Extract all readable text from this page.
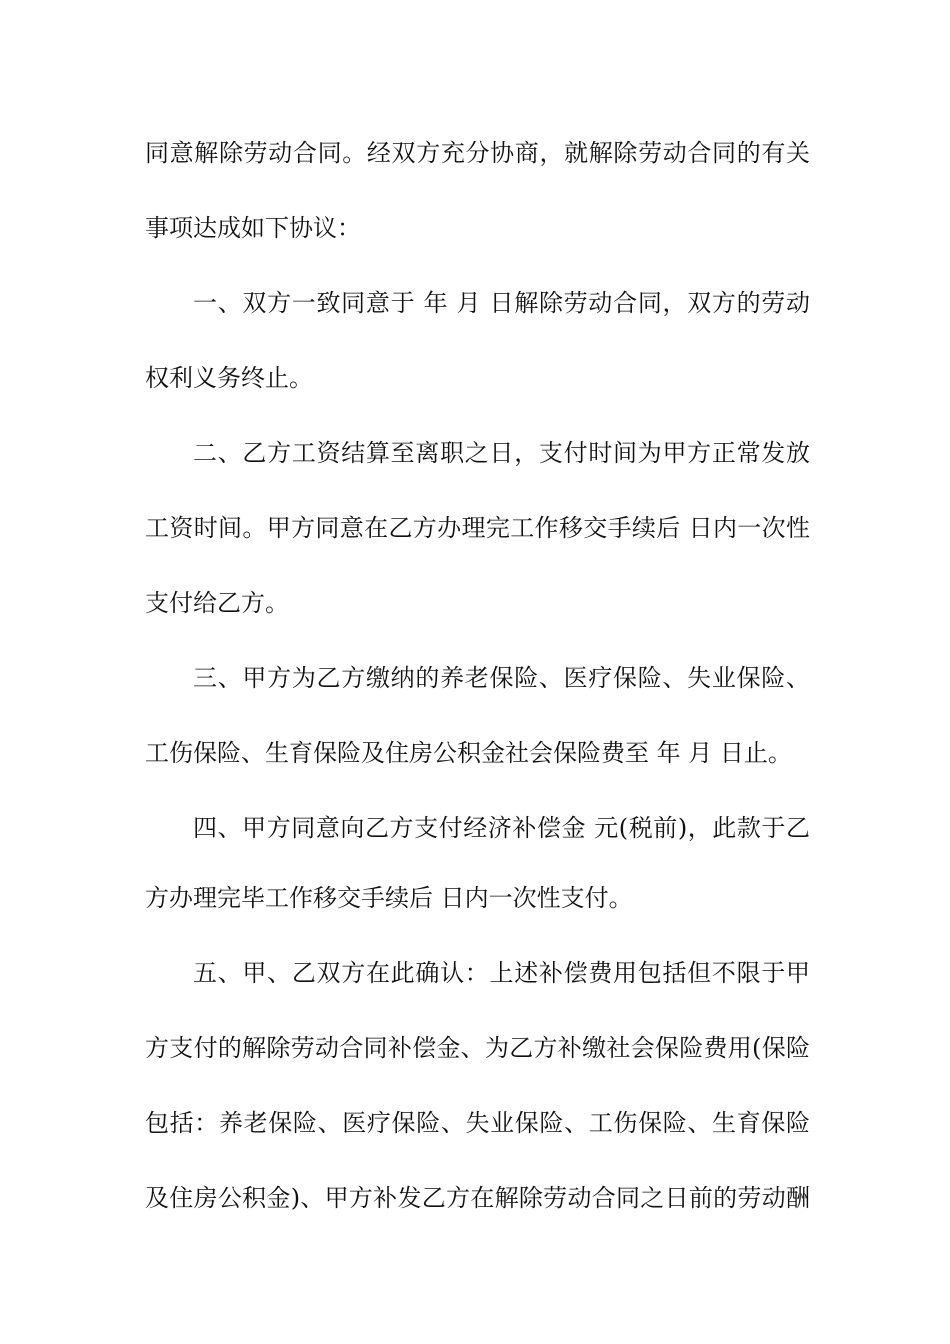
同意解除劳动合同。经双方充分协商，就解除劳动合同的有关
事项达成如下协议：
一、双方一致同意于 年 月 日解除劳动合同，双方的劳动
权利义务终止。
二、乙方工资结算至离职之日，支付时间为甲方正常发放
工资时间。甲方同意在乙方办理完工作移交手续后 日内一次性
支付给乙方。
三、甲方为乙方缴纳的养老保险、医疗保险、失业保险、
工伤保险、生育保险及住房公积金社会保险费至 年 月 日止。
四、甲方同意向乙方支付经济补偿金 元(税前)，此款于乙
方办理完毕工作移交手续后 日内一次性支付。
五、甲、乙双方在此确认：上述补偿费用包括但不限于甲
方支付的解除劳动合同补偿金、为乙方补缴社会保险费用(保险
包括：养老保险、医疗保险、失业保险、工伤保险、生育保险
及住房公积金)、甲方补发乙方在解除劳动合同之日前的劳动酬
